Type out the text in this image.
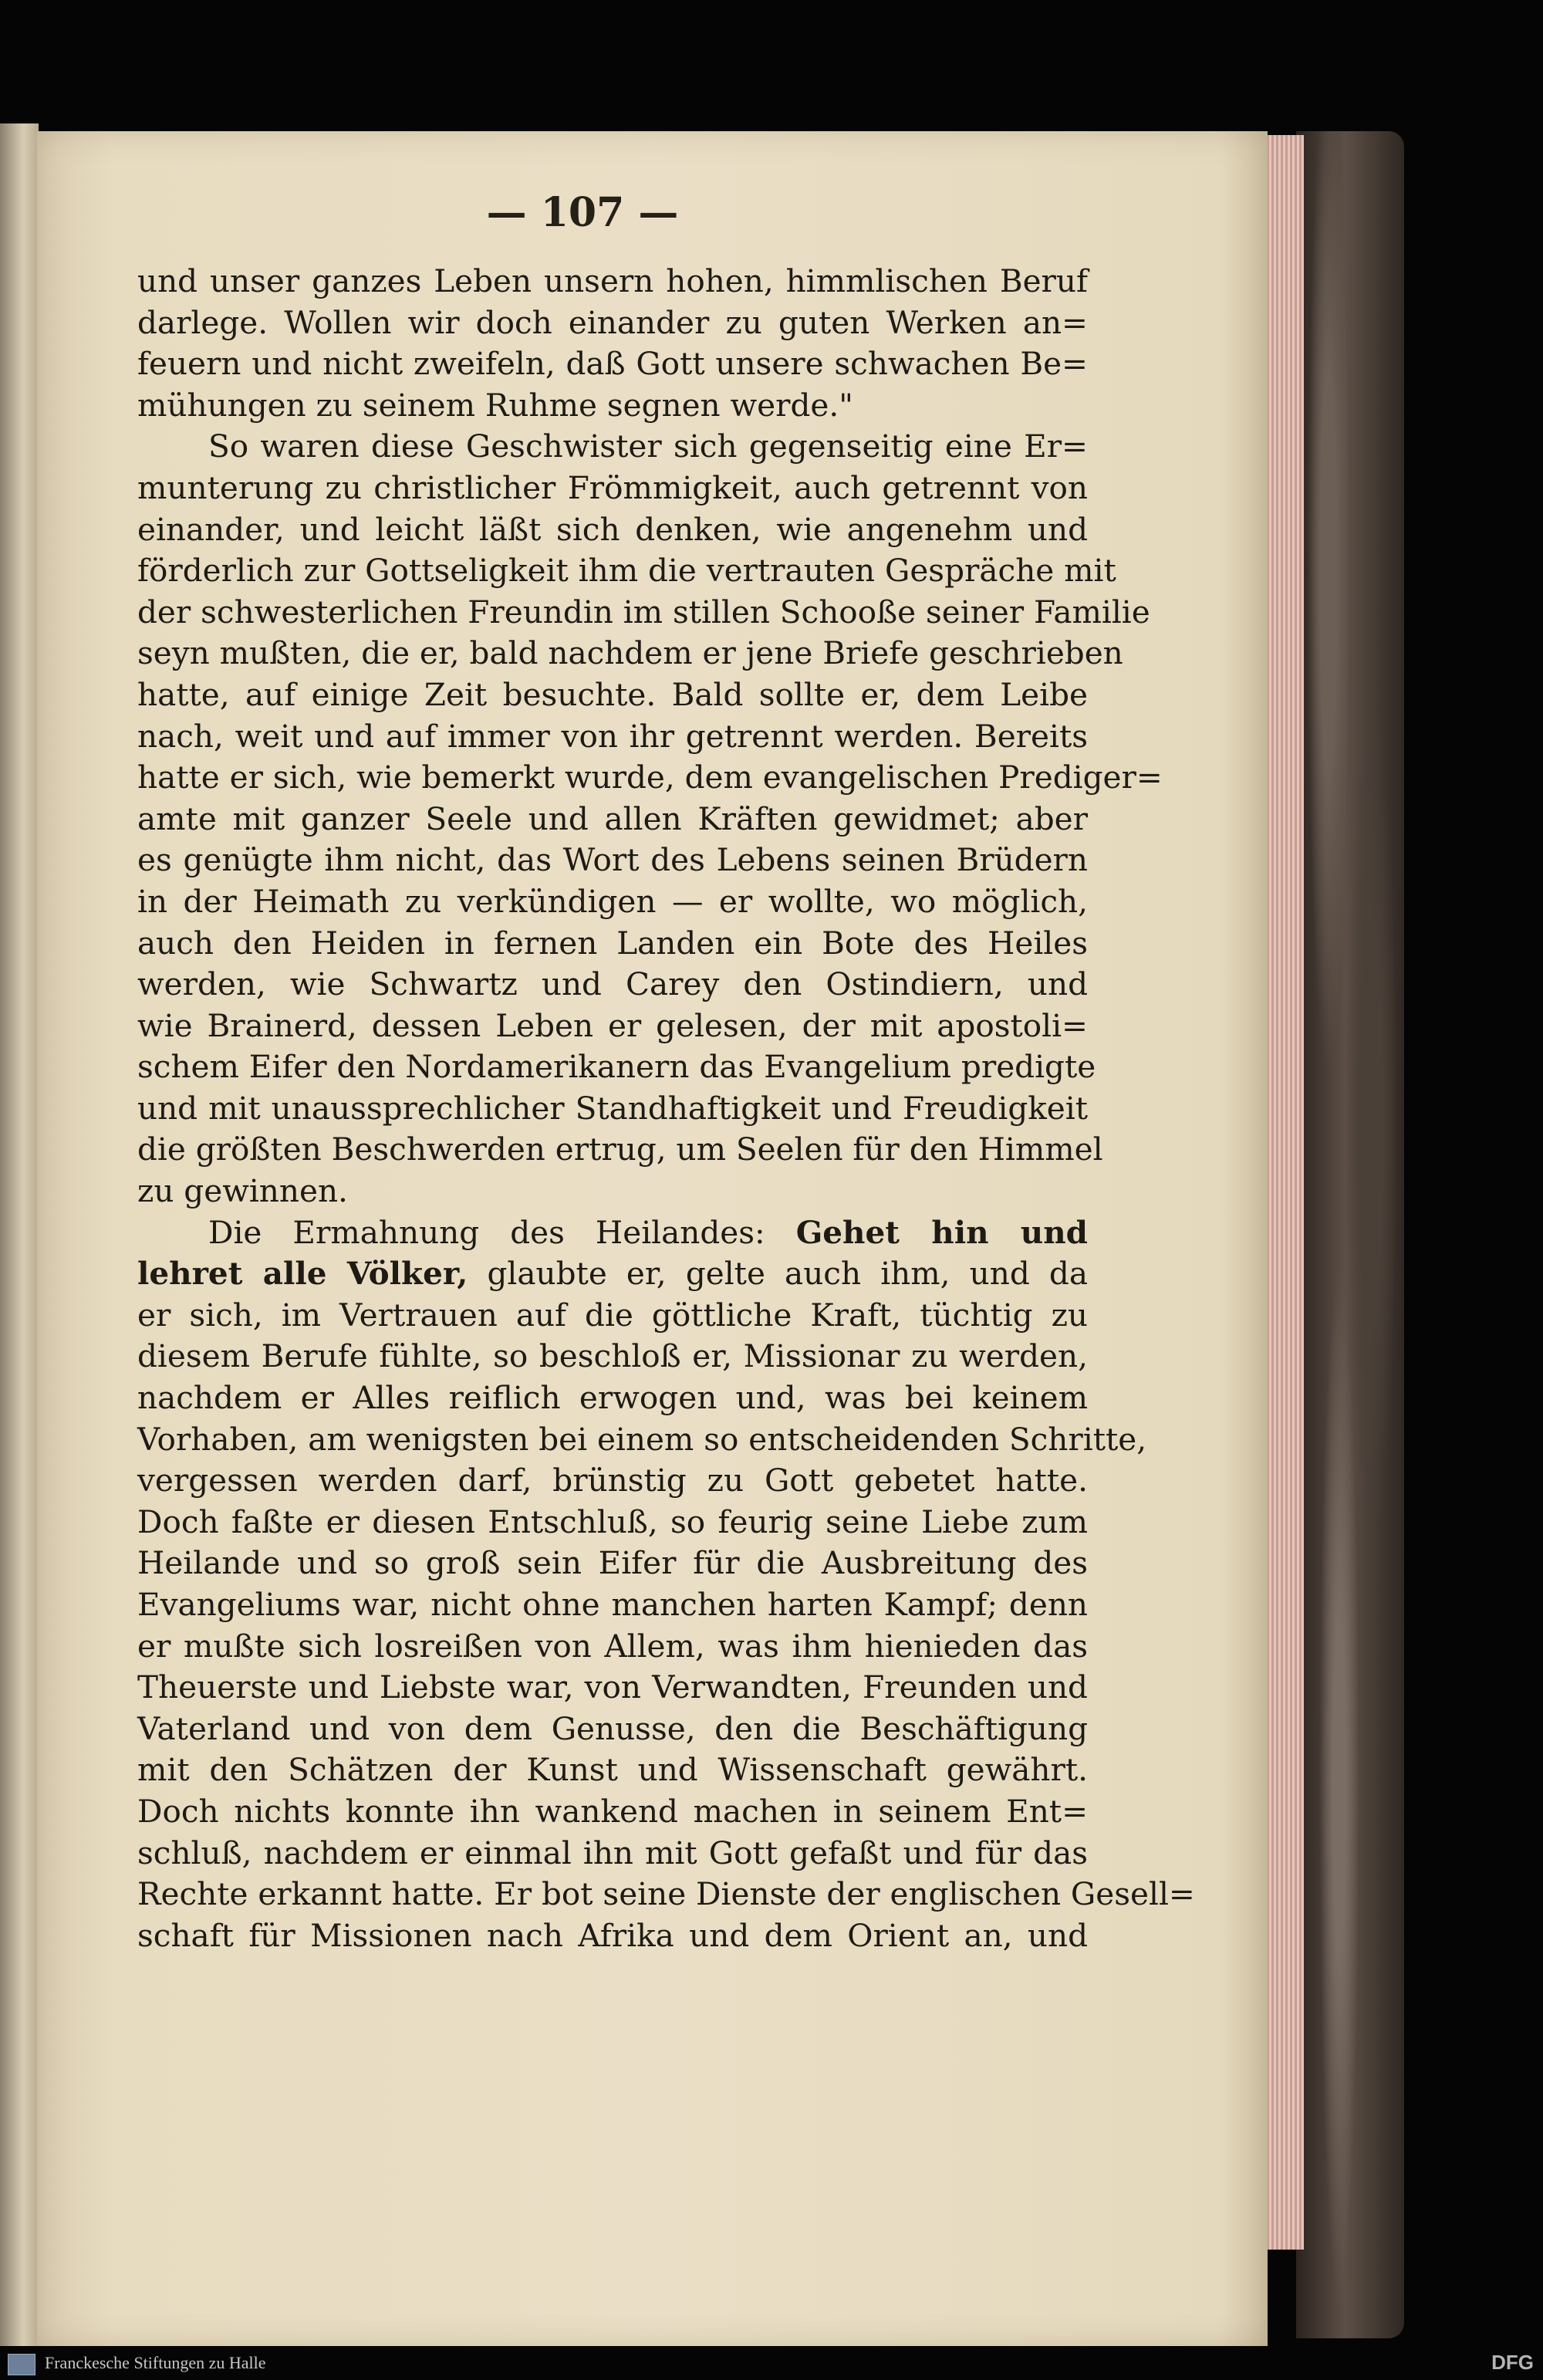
— 107 —
und unser ganzes Leben unsern hohen, himmlischen Beruf
darlege. Wollen wir doch einander zu guten Werken an=
feuern und nicht zweifeln, daß Gott unsere schwachen Be=
mühungen zu seinem Ruhme segnen werde."
So waren diese Geschwister sich gegenseitig eine Er=
munterung zu christlicher Frömmigkeit, auch getrennt von
einander, und leicht läßt sich denken, wie angenehm und
förderlich zur Gottseligkeit ihm die vertrauten Gespräche mit
der schwesterlichen Freundin im stillen Schooße seiner Familie
seyn mußten, die er, bald nachdem er jene Briefe geschrieben
hatte, auf einige Zeit besuchte. Bald sollte er, dem Leibe
nach, weit und auf immer von ihr getrennt werden. Bereits
hatte er sich, wie bemerkt wurde, dem evangelischen Prediger=
amte mit ganzer Seele und allen Kräften gewidmet; aber
es genügte ihm nicht, das Wort des Lebens seinen Brüdern
in der Heimath zu verkündigen — er wollte, wo möglich,
auch den Heiden in fernen Landen ein Bote des Heiles
werden, wie Schwartz und Carey den Ostindiern, und
wie Brainerd, dessen Leben er gelesen, der mit apostoli=
schem Eifer den Nordamerikanern das Evangelium predigte
und mit unaussprechlicher Standhaftigkeit und Freudigkeit
die größten Beschwerden ertrug, um Seelen für den Himmel
zu gewinnen.
Die Ermahnung des Heilandes: Gehet hin und
lehret alle Völker, glaubte er, gelte auch ihm, und da
er sich, im Vertrauen auf die göttliche Kraft, tüchtig zu
diesem Berufe fühlte, so beschloß er, Missionar zu werden,
nachdem er Alles reiflich erwogen und, was bei keinem
Vorhaben, am wenigsten bei einem so entscheidenden Schritte,
vergessen werden darf, brünstig zu Gott gebetet hatte.
Doch faßte er diesen Entschluß, so feurig seine Liebe zum
Heilande und so groß sein Eifer für die Ausbreitung des
Evangeliums war, nicht ohne manchen harten Kampf; denn
er mußte sich losreißen von Allem, was ihm hienieden das
Theuerste und Liebste war, von Verwandten, Freunden und
Vaterland und von dem Genusse, den die Beschäftigung
mit den Schätzen der Kunst und Wissenschaft gewährt.
Doch nichts konnte ihn wankend machen in seinem Ent=
schluß, nachdem er einmal ihn mit Gott gefaßt und für das
Rechte erkannt hatte. Er bot seine Dienste der englischen Gesell=
schaft für Missionen nach Afrika und dem Orient an, und
Franckesche Stiftungen zu Halle	DFG
